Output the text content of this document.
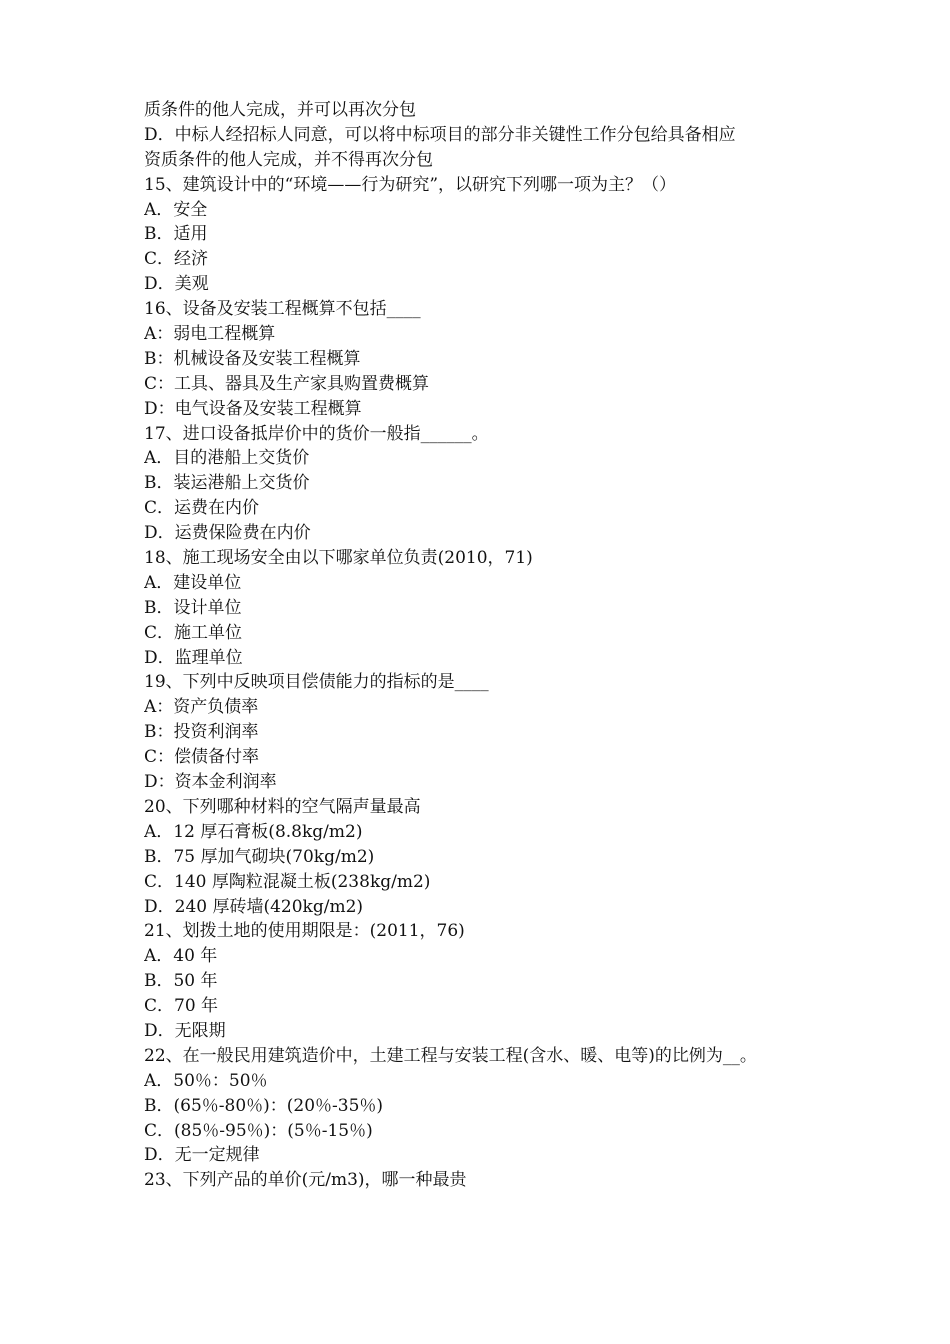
质条件的他人完成，并可以再次分包
D．中标人经招标人同意，可以将中标项目的部分非关键性工作分包给具备相应
资质条件的他人完成，并不得再次分包
15、建筑设计中的“环境——行为研究”，以研究下列哪一项为主？（）
A．安全
B．适用
C．经济
D．美观
16、设备及安装工程概算不包括____
A：弱电工程概算
B：机械设备及安装工程概算
C：工具、器具及生产家具购置费概算
D：电气设备及安装工程概算
17、进口设备抵岸价中的货价一般指______。
A．目的港船上交货价
B．装运港船上交货价
C．运费在内价
D．运费保险费在内价
18、施工现场安全由以下哪家单位负责(2010，71)
A．建设单位
B．设计单位
C．施工单位
D．监理单位
19、下列中反映项目偿债能力的指标的是____
A：资产负债率
B：投资利润率
C：偿债备付率
D：资本金利润率
20、下列哪种材料的空气隔声量最高
A．12 厚石膏板(8.8kg/m2)
B．75 厚加气砌块(70kg/m2)
C．140 厚陶粒混凝土板(238kg/m2)
D．240 厚砖墙(420kg/m2)
21、划拨土地的使用期限是：(2011，76)
A．40 年
B．50 年
C．70 年
D．无限期
22、在一般民用建筑造价中，土建工程与安装工程(含水、暖、电等)的比例为__。
A．50％：50％
B．(65％-80％)：(20％-35％)
C．(85％-95％)：(5％-15％)
D．无一定规律
23、下列产品的单价(元/m3)，哪一种最贵
